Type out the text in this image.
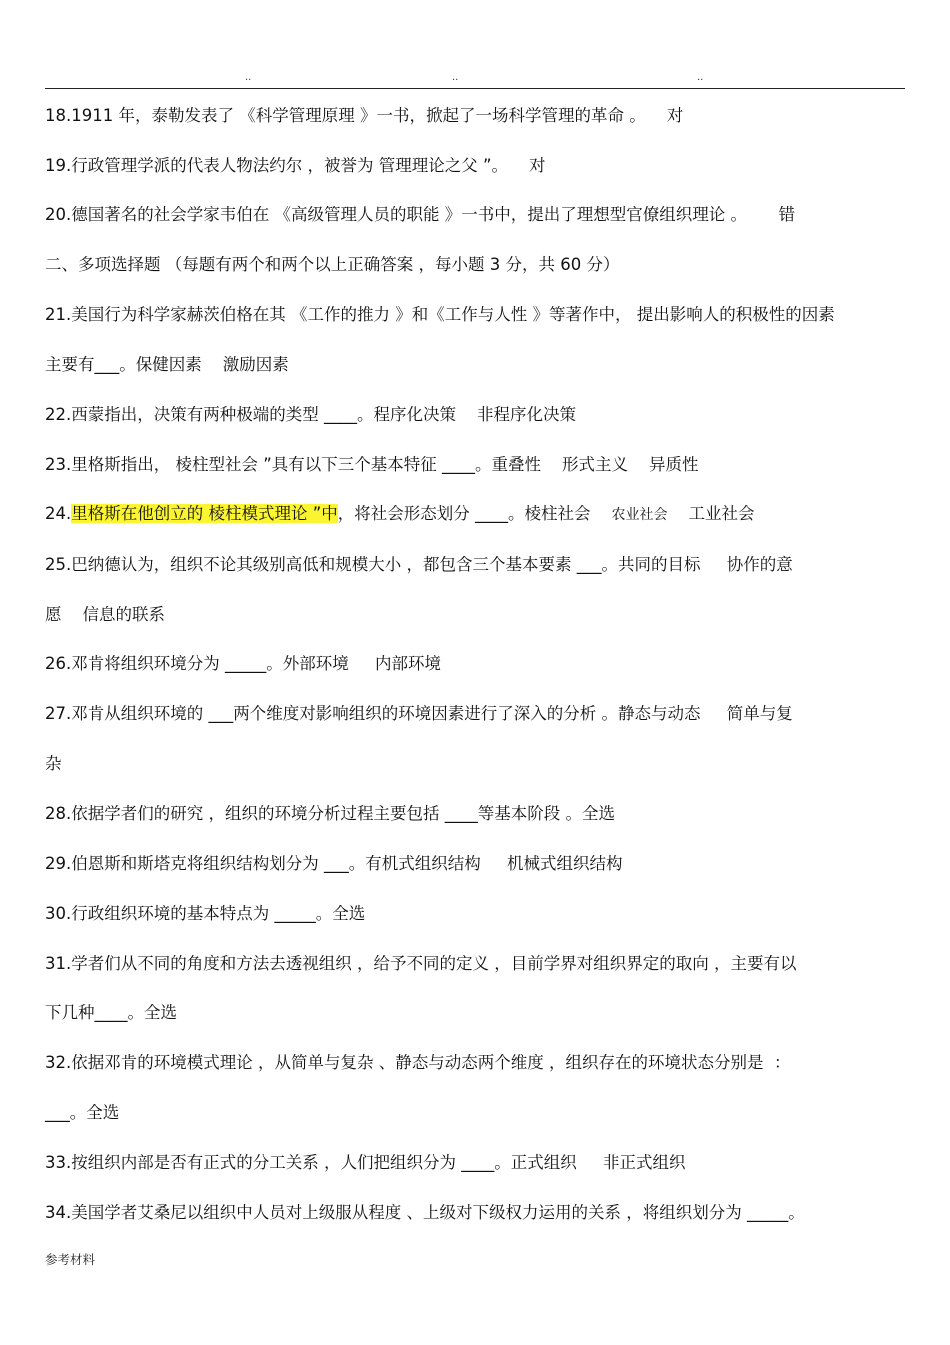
..	..	..
18.1911 年，泰勒发表了 《科学管理原理 》一书，掀起了一场科学管理的革命 。    对
19.行政管理学派的代表人物法约尔 ，被誉为 管理理论之父 ”。    对
20.德国著名的社会学家韦伯在 《高级管理人员的职能 》一书中，提出了理想型官僚组织理论 。      错
二、多项选择题 （每题有两个和两个以上正确答案 ，每小题 3 分，共 60 分）
21.美国行为科学家赫茨伯格在其 《工作的推力 》和《工作与人性 》等著作中， 提出影响人的积极性的因素
主要有___。保健因素    激励因素
22.西蒙指出，决策有两种极端的类型 ____。程序化决策    非程序化决策
23.里格斯指出， 棱柱型社会 ”具有以下三个基本特征 ____。重叠性    形式主义    异质性
24.里格斯在他创立的 棱柱模式理论 ”中，将社会形态划分 ____。棱柱社会    农业社会    工业社会
25.巴纳德认为，组织不论其级别高低和规模大小 ，都包含三个基本要素 ___。共同的目标     协作的意
愿    信息的联系
26.邓肯将组织环境分为 _____。外部环境     内部环境
27.邓肯从组织环境的 ___两个维度对影响组织的环境因素进行了深入的分析 。静态与动态     简单与复
杂
28.依据学者们的研究 ，组织的环境分析过程主要包括 ____等基本阶段 。全选
29.伯恩斯和斯塔克将组织结构划分为 ___。有机式组织结构     机械式组织结构
30.行政组织环境的基本特点为 _____。全选
31.学者们从不同的角度和方法去透视组织 ，给予不同的定义 ，目前学界对组织界定的取向 ，主要有以
下几种____。全选
32.依据邓肯的环境模式理论 ，从简单与复杂 、静态与动态两个维度 ，组织存在的环境状态分别是  ：
___。全选
33.按组织内部是否有正式的分工关系 ，人们把组织分为 ____。正式组织     非正式组织
34.美国学者艾桑尼以组织中人员对上级服从程度 、上级对下级权力运用的关系 ，将组织划分为 _____。
参考材料
